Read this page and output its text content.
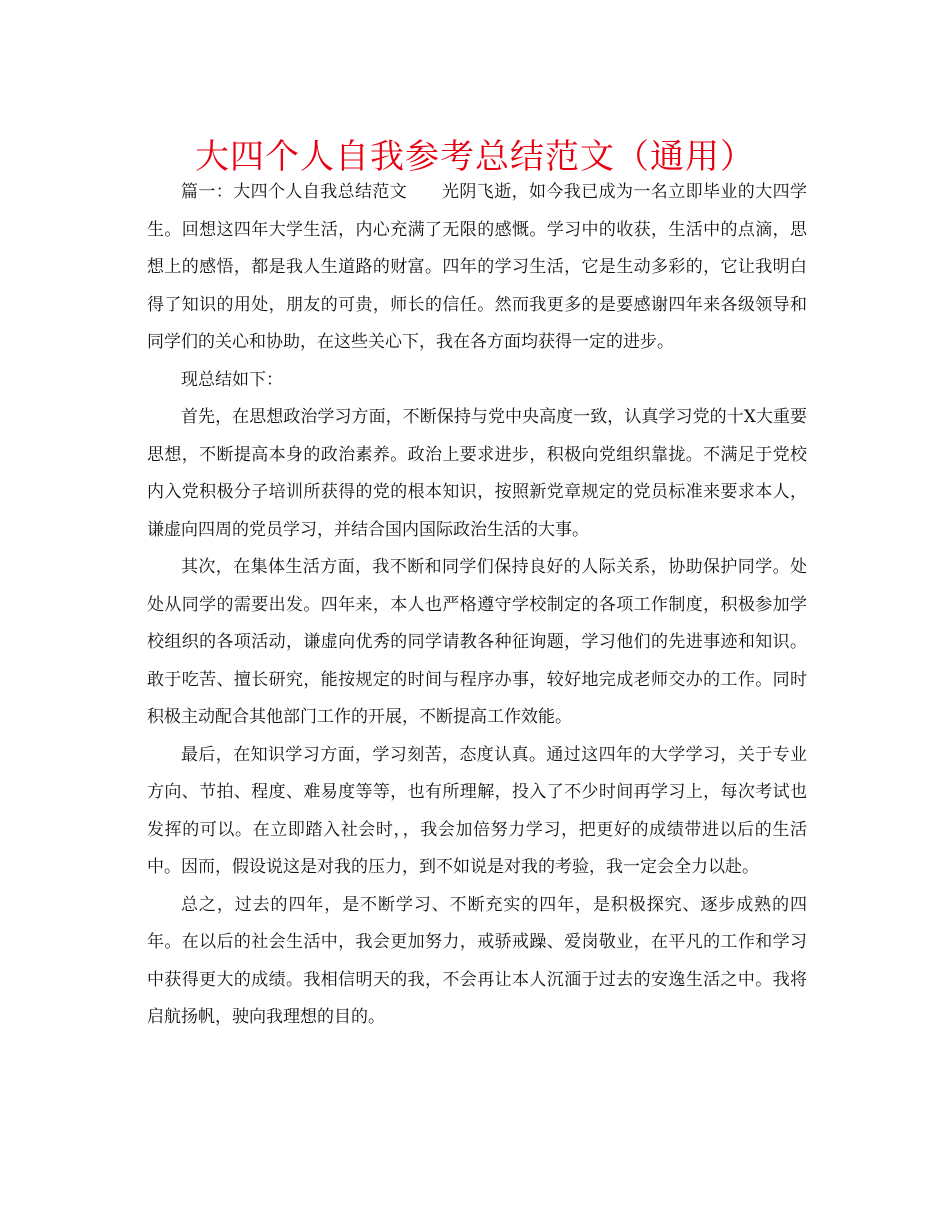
大四个人自我参考总结范文（通用）

篇一：大四个人自我总结范文　　光阴飞逝，如今我已成为一名立即毕业的大四学生。回想这四年大学生活，内心充满了无限的感慨。学习中的收获，生活中的点滴，思想上的感悟，都是我人生道路的财富。四年的学习生活，它是生动多彩的，它让我明白得了知识的用处，朋友的可贵，师长的信任。然而我更多的是要感谢四年来各级领导和同学们的关心和协助，在这些关心下，我在各方面均获得一定的进步。

现总结如下：

首先，在思想政治学习方面，不断保持与党中央高度一致，认真学习党的十X大重要思想，不断提高本身的政治素养。政治上要求进步，积极向党组织靠拢。不满足于党校内入党积极分子培训所获得的党的根本知识，按照新党章规定的党员标准来要求本人，谦虚向四周的党员学习，并结合国内国际政治生活的大事。

其次，在集体生活方面，我不断和同学们保持良好的人际关系，协助保护同学。处处从同学的需要出发。四年来，本人也严格遵守学校制定的各项工作制度，积极参加学校组织的各项活动，谦虚向优秀的同学请教各种征询题，学习他们的先进事迹和知识。敢于吃苦、擅长研究，能按规定的时间与程序办事，较好地完成老师交办的工作。同时积极主动配合其他部门工作的开展，不断提高工作效能。

最后，在知识学习方面，学习刻苦，态度认真。通过这四年的大学学习，关于专业方向、节拍、程度、难易度等等，也有所理解，投入了不少时间再学习上，每次考试也发挥的可以。在立即踏入社会时，，我会加倍努力学习，把更好的成绩带进以后的生活中。因而，假设说这是对我的压力，到不如说是对我的考验，我一定会全力以赴。

总之，过去的四年，是不断学习、不断充实的四年，是积极探究、逐步成熟的四年。在以后的社会生活中，我会更加努力，戒骄戒躁、爱岗敬业，在平凡的工作和学习中获得更大的成绩。我相信明天的我，不会再让本人沉湎于过去的安逸生活之中。我将启航扬帆，驶向我理想的目的。
